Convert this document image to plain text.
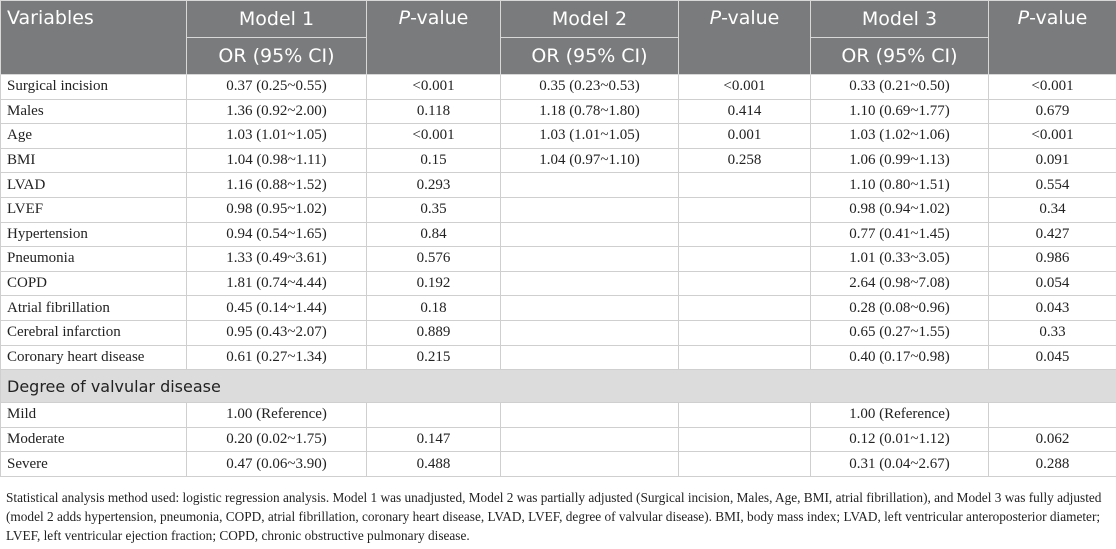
Variables	Model 1	P-value	Model 2	P-value	Model 3	P-value
	OR (95% CI)		OR (95% CI)		OR (95% CI)	
Surgical incision	0.37 (0.25~0.55)	<0.001	0.35 (0.23~0.53)	<0.001	0.33 (0.21~0.50)	<0.001
Males	1.36 (0.92~2.00)	0.118	1.18 (0.78~1.80)	0.414	1.10 (0.69~1.77)	0.679
Age	1.03 (1.01~1.05)	<0.001	1.03 (1.01~1.05)	0.001	1.03 (1.02~1.06)	<0.001
BMI	1.04 (0.98~1.11)	0.15	1.04 (0.97~1.10)	0.258	1.06 (0.99~1.13)	0.091
LVAD	1.16 (0.88~1.52)	0.293			1.10 (0.80~1.51)	0.554
LVEF	0.98 (0.95~1.02)	0.35			0.98 (0.94~1.02)	0.34
Hypertension	0.94 (0.54~1.65)	0.84			0.77 (0.41~1.45)	0.427
Pneumonia	1.33 (0.49~3.61)	0.576			1.01 (0.33~3.05)	0.986
COPD	1.81 (0.74~4.44)	0.192			2.64 (0.98~7.08)	0.054
Atrial fibrillation	0.45 (0.14~1.44)	0.18			0.28 (0.08~0.96)	0.043
Cerebral infarction	0.95 (0.43~2.07)	0.889			0.65 (0.27~1.55)	0.33
Coronary heart disease	0.61 (0.27~1.34)	0.215			0.40 (0.17~0.98)	0.045
Degree of valvular disease						
Mild	1.00 (Reference)				1.00 (Reference)	
Moderate	0.20 (0.02~1.75)	0.147			0.12 (0.01~1.12)	0.062
Severe	0.47 (0.06~3.90)	0.488			0.31 (0.04~2.67)	0.288
Statistical analysis method used: logistic regression analysis. Model 1 was unadjusted, Model 2 was partially adjusted (Surgical incision, Males, Age, BMI, atrial fibrillation), and Model 3 was fully adjusted (model 2 adds hypertension, pneumonia, COPD, atrial fibrillation, coronary heart disease, LVAD, LVEF, degree of valvular disease). BMI, body mass index; LVAD, left ventricular anteroposterior diameter; LVEF, left ventricular ejection fraction; COPD, chronic obstructive pulmonary disease.
